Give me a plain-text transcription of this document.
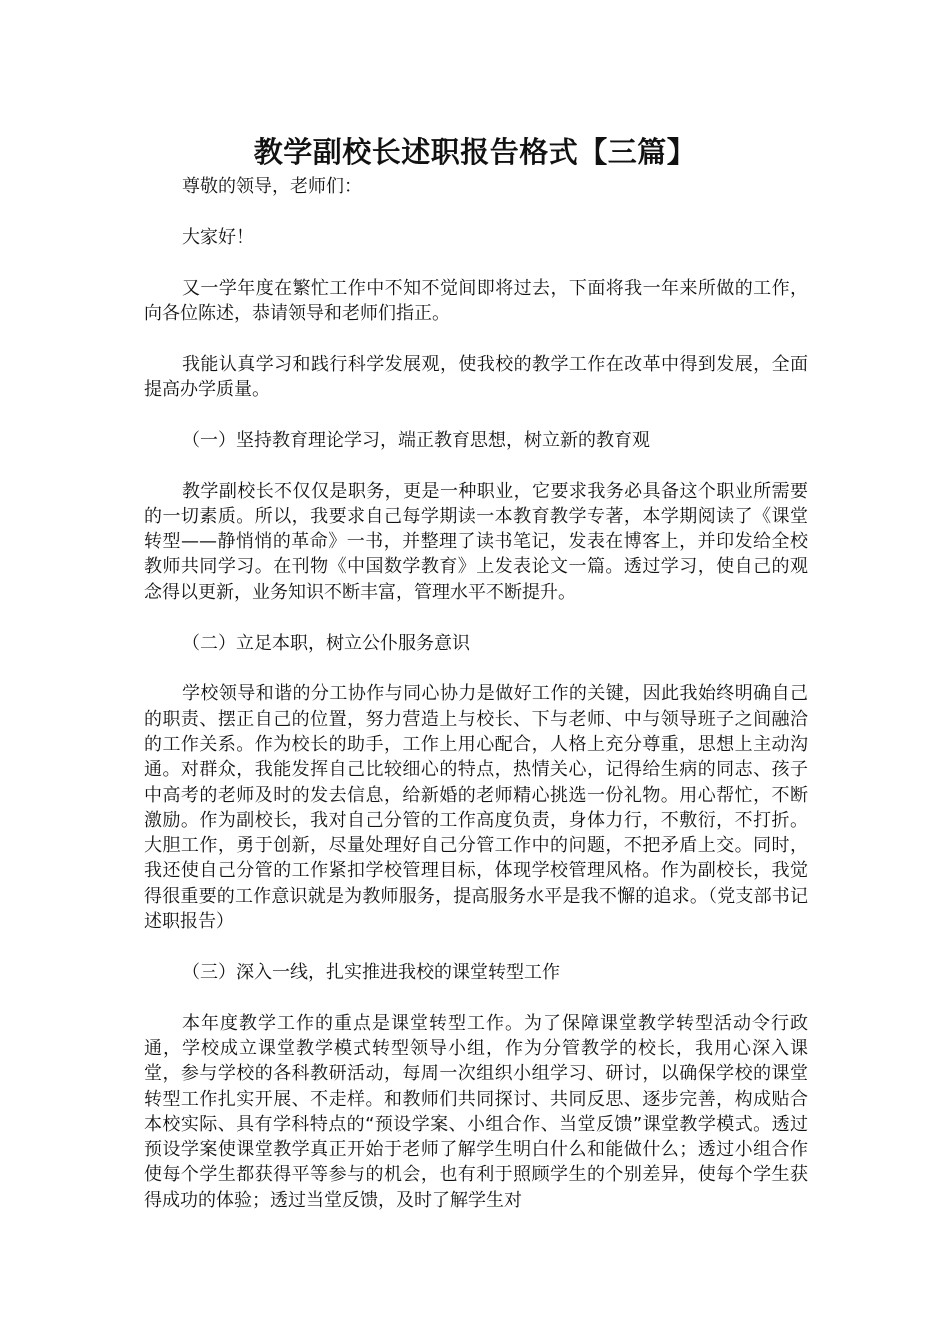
教学副校长述职报告格式【三篇】

尊敬的领导，老师们：

大家好！

又一学年度在繁忙工作中不知不觉间即将过去，下面将我一年来所做的工作，向各位陈述，恭请领导和老师们指正。

我能认真学习和践行科学发展观，使我校的教学工作在改革中得到发展，全面提高办学质量。

（一）坚持教育理论学习，端正教育思想，树立新的教育观

教学副校长不仅仅是职务，更是一种职业，它要求我务必具备这个职业所需要的一切素质。所以，我要求自己每学期读一本教育教学专著，本学期阅读了《课堂转型——静悄悄的革命》一书，并整理了读书笔记，发表在博客上，并印发给全校教师共同学习。在刊物《中国数学教育》上发表论文一篇。透过学习，使自己的观念得以更新，业务知识不断丰富，管理水平不断提升。

（二）立足本职，树立公仆服务意识

学校领导和谐的分工协作与同心协力是做好工作的关键，因此我始终明确自己的职责、摆正自己的位置，努力营造上与校长、下与老师、中与领导班子之间融洽的工作关系。作为校长的助手，工作上用心配合，人格上充分尊重，思想上主动沟通。对群众，我能发挥自己比较细心的特点，热情关心，记得给生病的同志、孩子中高考的老师及时的发去信息，给新婚的老师精心挑选一份礼物。用心帮忙，不断激励。作为副校长，我对自己分管的工作高度负责，身体力行，不敷衍，不打折。大胆工作，勇于创新，尽量处理好自己分管工作中的问题，不把矛盾上交。同时，我还使自己分管的工作紧扣学校管理目标，体现学校管理风格。作为副校长，我觉得很重要的工作意识就是为教师服务，提高服务水平是我不懈的追求。（党支部书记述职报告）

（三）深入一线，扎实推进我校的课堂转型工作

本年度教学工作的重点是课堂转型工作。为了保障课堂教学转型活动令行政通，学校成立课堂教学模式转型领导小组，作为分管教学的校长，我用心深入课堂，参与学校的各科教研活动，每周一次组织小组学习、研讨，以确保学校的课堂转型工作扎实开展、不走样。和教师们共同探讨、共同反思、逐步完善，构成贴合本校实际、具有学科特点的“预设学案、小组合作、当堂反馈”课堂教学模式。透过预设学案使课堂教学真正开始于老师了解学生明白什么和能做什么；透过小组合作使每个学生都获得平等参与的机会，也有利于照顾学生的个别差异，使每个学生获得成功的体验；透过当堂反馈，及时了解学生对
